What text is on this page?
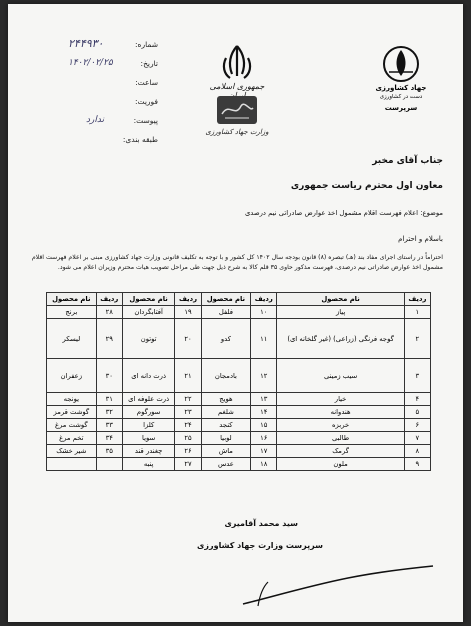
شماره:
۲۴۴۹۳۰
تاریخ:
۱۴۰۲/۰۲/۲۵
ساعت:
فوریت:
پیوست:
ندارد
طبقه بندی:
جمهوری اسلامی
وزارت جهاد کشاورزی
جهاد کشاورزی
دست در کشاورزی
سرپرست
جناب آقای مخبر
معاون اول محترم ریاست جمهوری
موضوع: اعلام فهرست اقلام مشمول اخذ عوارض صادراتی نیم درصدی
باسلام و احترام
احتراماً در راستای اجرای مفاد بند (هـ) تبصره (۸) قانون بودجه سال ۱۴۰۲ کل کشور و با توجه به تکلیف قانونی وزارت جهاد کشاورزی مبنی بر اعلام فهرست اقلام مشمول اخذ عوارض صادراتی نیم درصدی، فهرست مذکور حاوی ۳۵ قلم کالا به شرح ذیل جهت طی مراحل تصویب هیات محترم وزیران اعلام می شود.
ردیف	نام محصول	ردیف	نام محصول	ردیف	نام محصول	ردیف	نام محصول
۱	پیاز	۱۰	فلفل	۱۹	آفتابگردان	۲۸	برنج
۲	گوجه فرنگی (زراعی) (غیر گلخانه ای)	۱۱	کدو	۲۰	توتون	۲۹	لیسکر
۳	سیب زمینی	۱۲	بادمجان	۲۱	ذرت دانه ای	۳۰	زعفران
۴	خیار	۱۳	هویج	۲۲	ذرت علوفه ای	۳۱	یونجه
۵	هندوانه	۱۴	شلغم	۲۳	سورگوم	۳۲	گوشت قرمز
۶	خربزه	۱۵	کنجد	۲۴	کلزا	۳۳	گوشت مرغ
۷	طالبی	۱۶	لوبیا	۲۵	سویا	۳۴	تخم مرغ
۸	گرمک	۱۷	ماش	۲۶	چغندر قند	۳۵	شیر خشک
۹	ملون	۱۸	عدس	۲۷	پنبه		
سید محمد آقامیری
سرپرست وزارت جهاد کشاورزی
